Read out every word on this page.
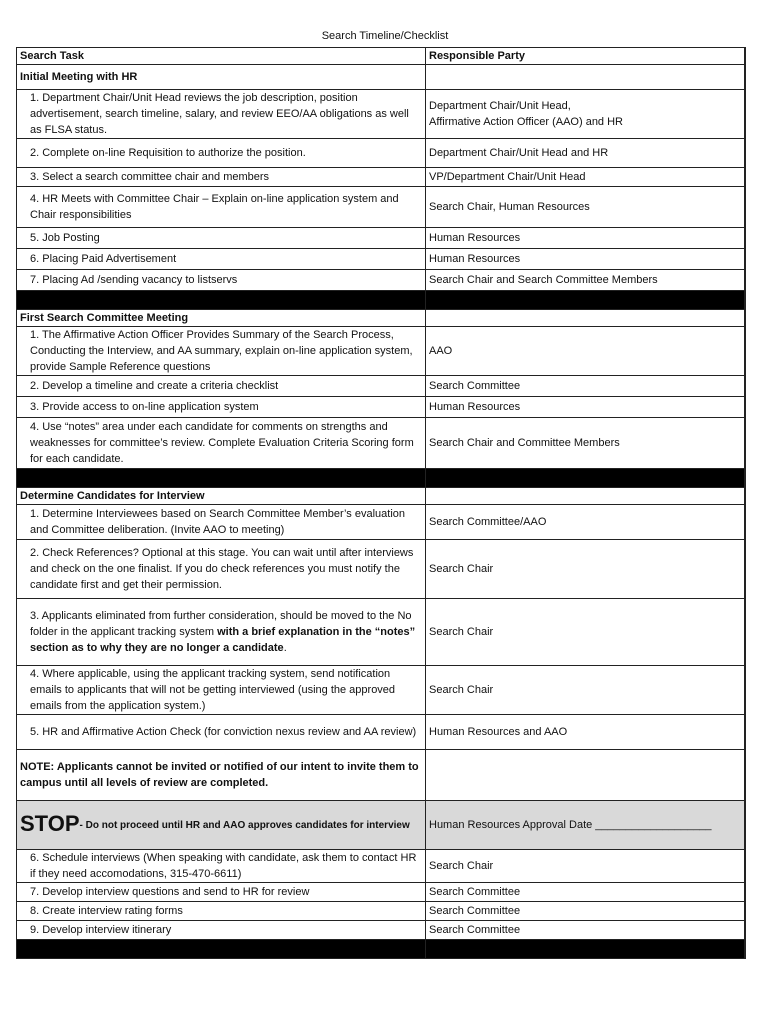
Search Timeline/Checklist
Search Task	Responsible Party
Initial Meeting with HR	

1. Department Chair/Unit Head reviews the job description, position advertisement, search timeline, salary, and review EEO/AA obligations as well as FLSA status.	Department Chair/Unit Head,
Affirmative Action Officer (AAO) and HR

2. Complete on-line Requisition to authorize the position.	Department Chair/Unit Head and HR

3. Select a search committee chair and members	VP/Department Chair/Unit Head

4. HR Meets with Committee Chair – Explain on-line application system and Chair responsibilities	Search Chair, Human Resources

5. Job Posting	Human Resources

6. Placing Paid Advertisement	Human Resources

7. Placing Ad /sending vacancy to listservs	Search Chair and Search Committee Members

First Search Committee Meeting	

1. The Affirmative Action Officer Provides Summary of the Search Process, Conducting the Interview, and AA summary, explain on-line application system, provide Sample Reference questions	AAO

2. Develop a timeline and create a criteria checklist	Search Committee

3. Provide access to on-line application system	Human Resources

4. Use “notes” area under each candidate for comments on strengths and weaknesses for committee’s review. Complete Evaluation Criteria Scoring form for each candidate.	Search Chair and Committee Members

Determine Candidates for Interview	

1. Determine Interviewees based on Search Committee Member’s evaluation and Committee deliberation. (Invite AAO to meeting)	Search Committee/AAO

2. Check References? Optional at this stage. You can wait until after interviews and check on the one finalist. If you do check references you must notify the candidate first and get their permission.	Search Chair

3. Applicants eliminated from further consideration, should be moved to the No folder in the applicant tracking system with a brief explanation in the “notes” section as to why they are no longer a candidate.	Search Chair

4. Where applicable, using the applicant tracking system, send notification emails to applicants that will not be getting interviewed (using the approved emails from the application system.)	Search Chair

5. HR and Affirmative Action Check (for conviction nexus review and AA review)	Human Resources and AAO
NOTE: Applicants cannot be invited or notified of our intent to invite them to campus until all levels of review are completed.	
STOP- Do not proceed until HR and AAO approves candidates for interview	Human Resources Approval Date ___________________

6. Schedule interviews (When speaking with candidate, ask them to contact HR if they need accomodations, 315-470-6611)	Search Chair

7. Develop interview questions and send to HR for review	Search Committee

8. Create interview rating forms	Search Committee

9. Develop interview itinerary	Search Committee
